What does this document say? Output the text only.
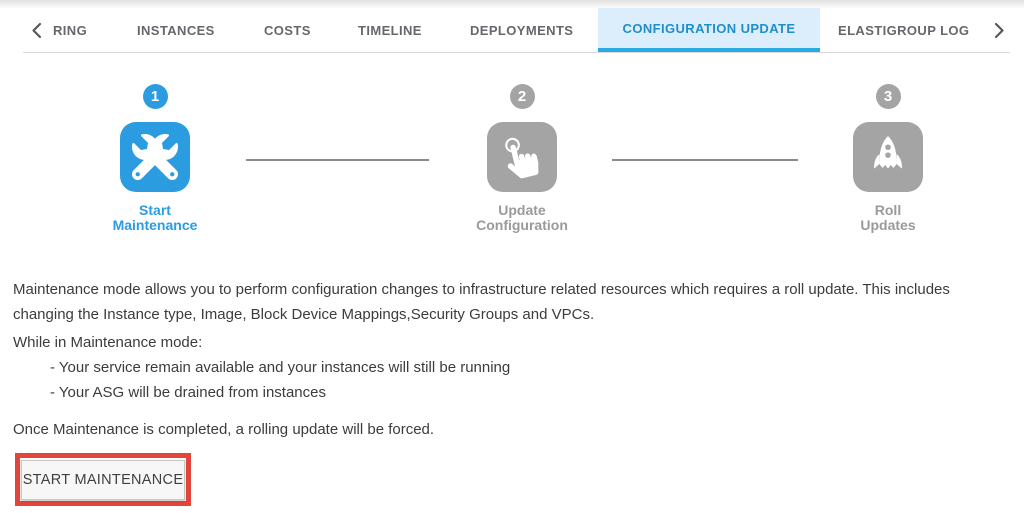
RING	INSTANCES	COSTS	TIMELINE	DEPLOYMENTS	CONFIGURATION UPDATE	ELASTIGROUP LOG
1
Start
Maintenance
2
Update
Configuration
3
Roll
Updates

Maintenance mode allows you to perform configuration changes to infrastructure related resources which requires a roll update. This includes changing the Instance type, Image, Block Device Mappings,Security Groups and VPCs.

While in Maintenance mode:
- Your service remain available and your instances will still be running
- Your ASG will be drained from instances
Once Maintenance is completed, a rolling update will be forced.
START MAINTENANCE
